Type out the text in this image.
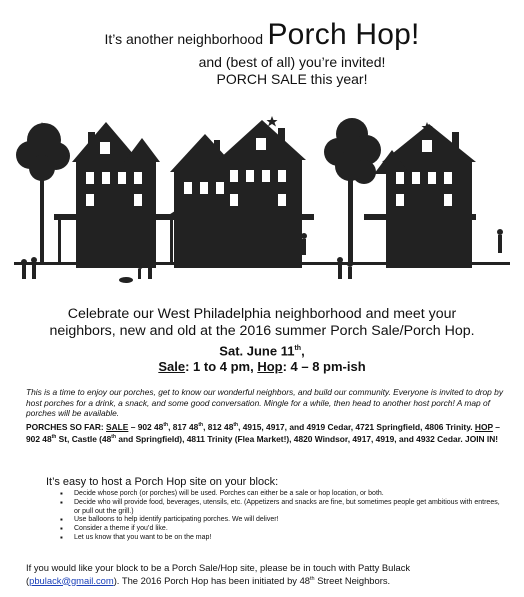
It’s another neighborhood Porch Hop!
and (best of all) you’re invited!
PORCH SALE this year!
Celebrate our West Philadelphia neighborhood and meet your
neighbors, new and old at the 2016 summer Porch Sale/Porch Hop.
Sat. June 11th,
Sale: 1 to 4 pm, Hop: 4 – 8 pm-ish
This is a time to enjoy our porches, get to know our wonderful neighbors, and build our community. Everyone is invited to drop by host porches for a drink, a snack, and some good conversation. Mingle for a while, then head to another host porch! A map of porches will be available.
PORCHES SO FAR: SALE – 902 48th, 817 48th, 812 48th, 4915, 4917, and 4919 Cedar, 4721 Springfield, 4806 Trinity. HOP – 902 48th St, Castle (48th and Springfield), 4811 Trinity (Flea Market!), 4820 Windsor, 4917, 4919, and 4932 Cedar. JOIN IN!
It’s easy to host a Porch Hop site on your block:
▪ Decide whose porch (or porches) will be used. Porches can either be a sale or hop location, or both.
▪ Decide who will provide food, beverages, utensils, etc. (Appetizers and snacks are fine, but sometimes people get ambitious with entrees, or pull out the grill.)
▪ Use balloons to help identify participating porches. We will deliver!
▪ Consider a theme if you’d like.
▪ Let us know that you want to be on the map!
If you would like your block to be a Porch Sale/Hop site, please be in touch with Patty Bulack (pbulack@gmail.com). The 2016 Porch Hop has been initiated by 48th Street Neighbors.
